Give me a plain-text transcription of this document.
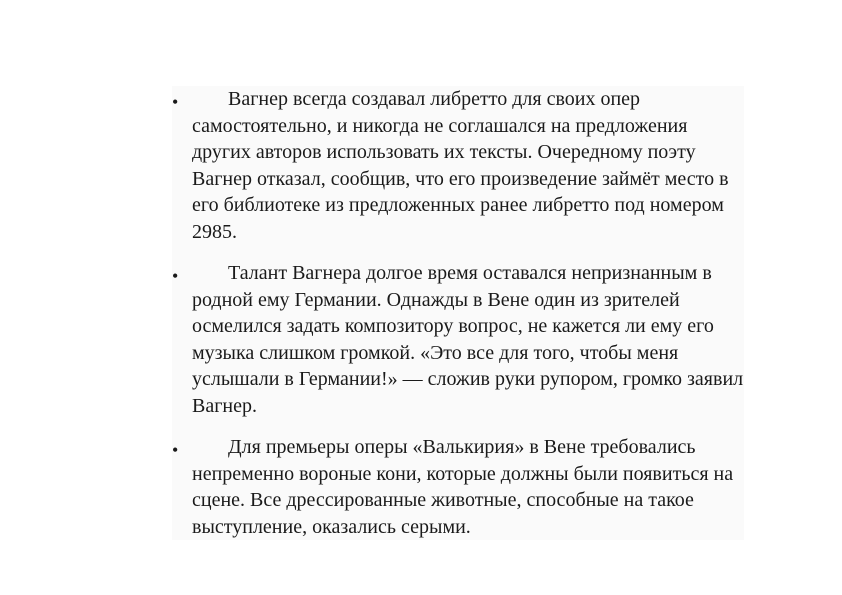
•	Вагнер всегда создавал либретто для своих опер самостоятельно, и никогда не соглашался на предложения других авторов использовать их тексты. Очередному поэту Вагнер отказал, сообщив, что его произведение займёт место в его библиотеке из предложенных ранее либретто под номером 2985.

•	Талант Вагнера долгое время оставался непризнанным в родной ему Германии. Однажды в Вене один из зрителей осмелился задать композитору вопрос, не кажется ли ему его музыка слишком громкой. «Это все для того, чтобы меня услышали в Германии!» — сложив руки рупором, громко заявил Вагнер.

•	Для премьеры оперы «Валькирия» в Вене требовались непременно вороные кони, которые должны были появиться на сцене. Все дрессированные животные, способные на такое выступление, оказались серыми.
